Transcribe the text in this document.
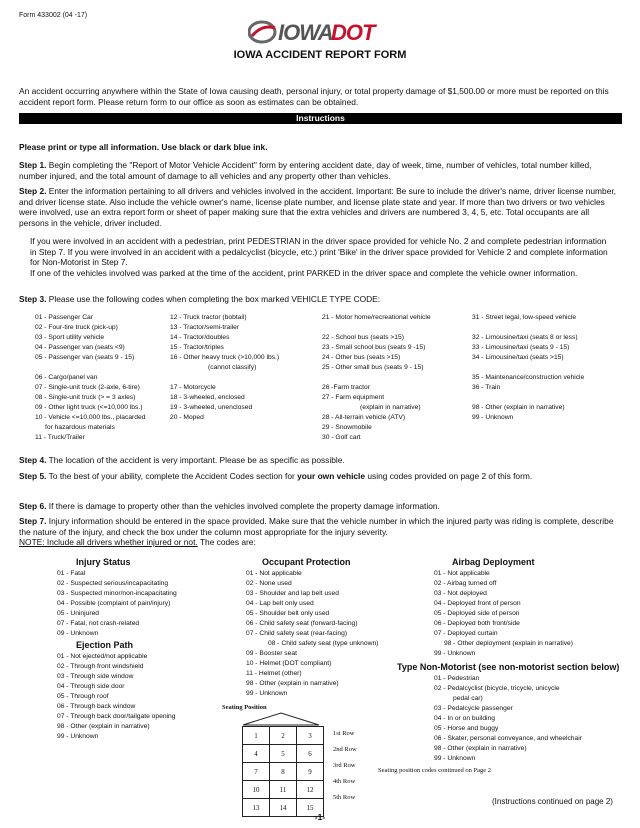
Form 433002 (04 -17)
IOWA
DOT
IOWA ACCIDENT REPORT FORM
An accident occurring anywhere within the State of Iowa causing death, personal injury, or total property damage of $1,500.00 or more must be reported on this accident report form. Please return form to our office as soon as estimates can be obtained.
Instructions
Please print or type all information. Use black or dark blue ink.
Step 1. Begin completing the "Report of Motor Vehicle Accident" form by entering accident date, day of week, time, number of vehicles, total number killed, number injured, and the total amount of damage to all vehicles and any property other than vehicles.
Step 2. Enter the information pertaining to all drivers and vehicles involved in the accident. Important: Be sure to include the driver's name, driver license number, and driver license state. Also include the vehicle owner's name, license plate number, and license plate state and year. If more than two drivers or two vehicles were involved, use an extra report form or sheet of paper making sure that the extra vehicles and drivers are numbered 3, 4, 5, etc. Total occupants are all persons in the vehicle, driver included.
If you were involved in an accident with a pedestrian, print PEDESTRIAN in the driver space provided for vehicle No. 2 and complete pedestrian information in Step 7. If you were involved in an accident with a pedalcyclist (bicycle, etc.) print 'Bike' in the driver space provided for Vehicle 2 and complete information for Non-Motorist in Step 7.
If one of the vehicles involved was parked at the time of the accident, print PARKED in the driver space and complete the vehicle owner information.
Step 3. Please use the following codes when completing the box marked VEHICLE TYPE CODE:
01 - Passenger Car
02 - Four-tire truck (pick-up)
03 - Sport utility vehicle
04 - Passenger van (seats <9)
05 - Passenger van (seats 9 - 15)
06 - Cargo/panel van
07 - Single-unit truck (2-axle, 6-tire)
08 - Single-unit truck (> = 3 axles)
09 - Other light truck (<=10,000 lbs.)
10 - Vehicle <=10,000 lbs., placarded
for hazardous materials
11 - Truck/Trailer
12 - Truck tractor (bobtail)
13 - Tractor/semi-trailer
14 - Tractor/doubles
15 - Tractor/triples
16 - Other heavy truck (>10,000 lbs.)
(cannot classify)
17 - Motorcycle
18 - 3-wheeled, enclosed
19 - 3-wheeled, unenclosed
20 - Moped
21 - Motor home/recreational vehicle
22 - School bus (seats >15)
23 - Small school bus (seats 9 -15)
24 - Other bus (seats >15)
25 - Other small bus (seats 9 - 15)
26 -Farm tractor
27 - Farm equipment
(explain in narrative)
28 - All-terrain vehicle (ATV)
29 - Snowmobile
30 - Golf cart
31 - Street legal, low-speed vehicle
32 - Limousine/taxi (seats 8 or less)
33 - Limousine/taxi (seats 9 - 15)
34 - Limousine/taxi (seats >15)
35 - Maintenance/construction vehicle
36 - Train
98 - Other (explain in narrative)
99 - Unknown
Step 4. The location of the accident is very important. Please be as specific as possible.
Step 5. To the best of your ability, complete the Accident Codes section for your own vehicle using codes provided on page 2 of this form.
Step 6. If there is damage to property other than the vehicles involved complete the property damage information.
Step 7. Injury information should be entered in the space provided. Make sure that the vehicle number in which the injured party was riding is complete, describe the nature of the injury, and check the box under the column most appropriate for the injury severity.
NOTE: Include all drivers whether injured or not. The codes are:
Injury Status
01 - Fatal
02 - Suspected serious/incapacitating
03 - Suspected minor/non-incapacitating
04 - Possible (complaint of pain/injury)
05 - Uninjured
07 - Fatal, not crash-related
09 - Unknown
Ejection Path
01 - Not ejected/not applicable
02 - Through front windshield
03 - Through side window
04 - Through side door
05 - Through roof
06 - Through back window
07 - Through back door/tailgate opening
98 - Other (explain in narrative)
99 - Unknown
Occupant Protection
01 - Not applicable
02 - None used
03 - Shoulder and lap belt used
04 - Lap belt only used
05 - Shoulder belt only used
06 - Child safety seat (forward-facing)
07 - Child safety seat (rear-facing)
08 - Child safety seat (type unknown)
09 - Booster seat
10 - Helmet (DOT compliant)
11 - Helmet (other)
98 - Other (explain in narrative)
99 - Unknown
Airbag Deployment
01 - Not applicable
02 - Airbag turned off
03 - Not deployed
04 - Deployed front of person
05 - Deployed side of person
06 - Deployed both front/side
07 - Deployed curtain
98 - Other deployment (explain in narrative)
99 - Unknown
Type Non-Motorist (see non-motorist section below)
01 - Pedestrian
02 - Pedalcyclist (bicycle, tricycle, unicycle
pedal car)
03 - Pedalcycle passenger
04 - In or on building
05 - Horse and buggy
06 - Skater, personal conveyance, and wheelchair
98 - Other (explain in narrative)
99 - Unknown
Seating Position
1	2	3
4	5	6
7	8	9
10	11	12
13	14	15
1st Row
2nd Row
3rd Row
4th Row
5th Row
Seating position codes continued on Page 2
(Instructions continued on page 2)
-1-
